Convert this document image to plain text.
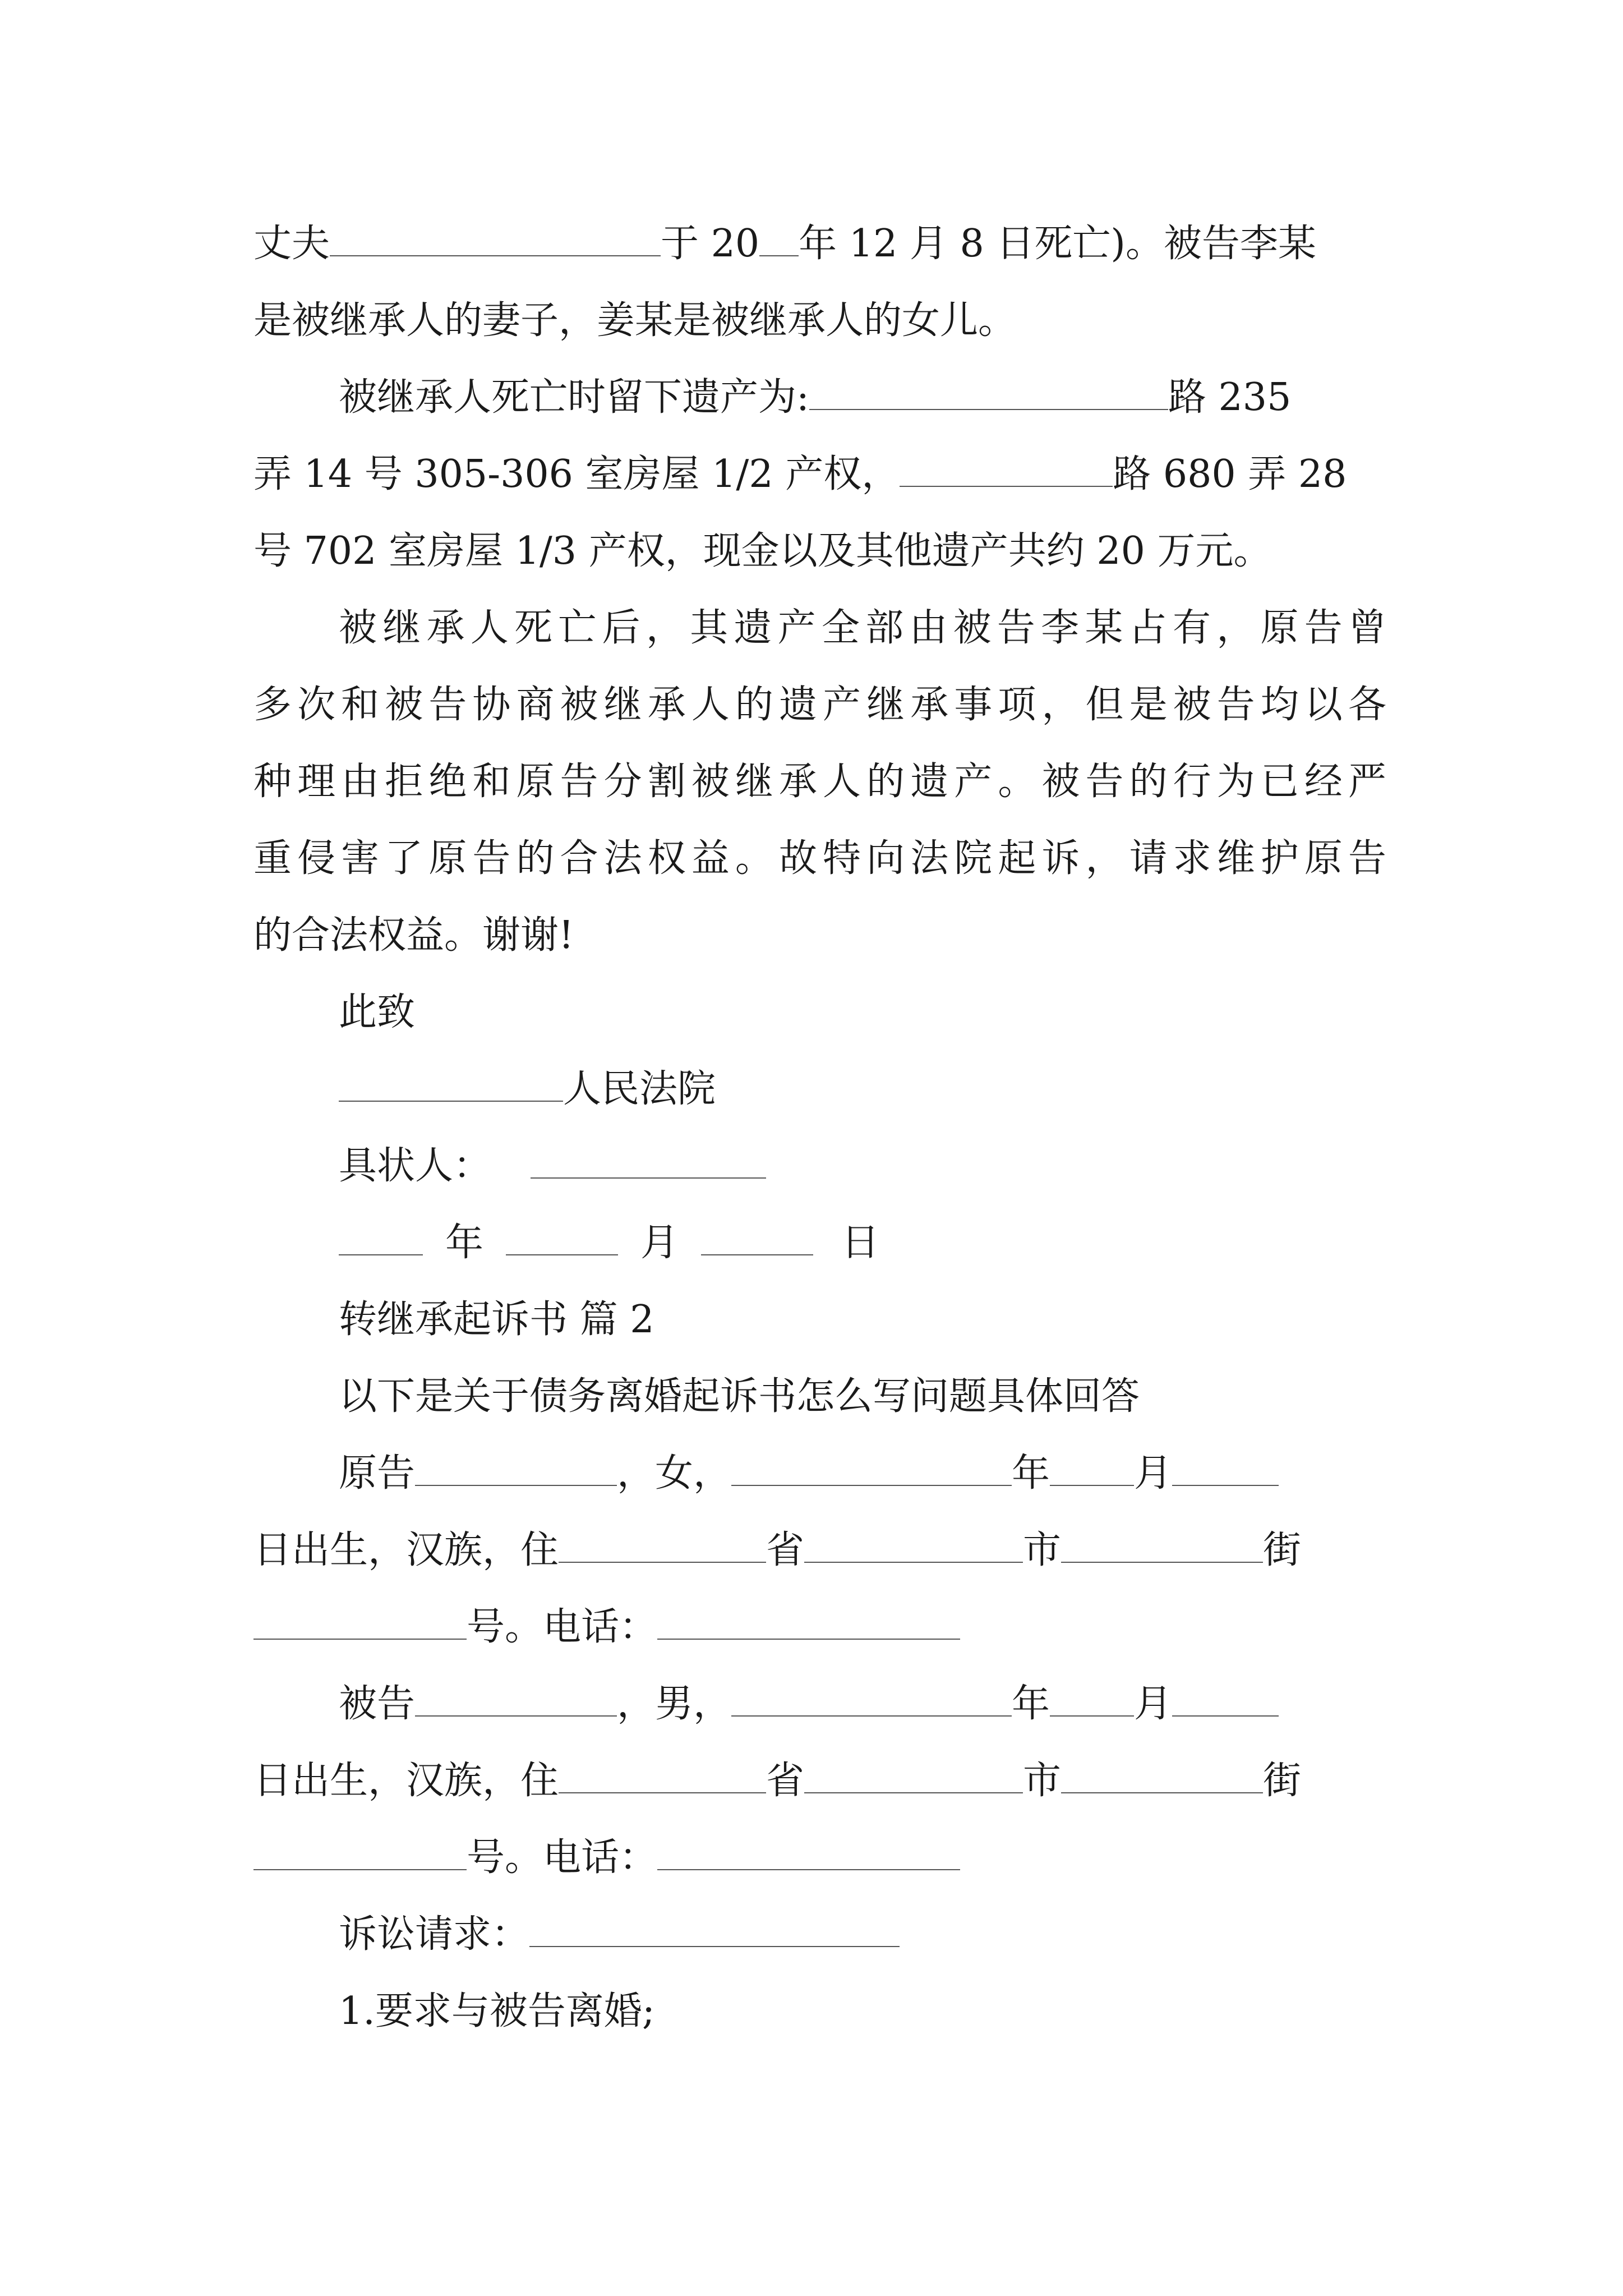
丈夫	于 20 年 12 月 8 日死亡)。被告李某
是被继承人的妻子，姜某是被继承人的女儿。
被继承人死亡时留下遗产为:	路 235
弄 14 号 305-306 室房屋 1/2 产权，	路 680 弄 28
号 702 室房屋 1/3 产权，现金以及其他遗产共约 20 万元。
被继承人死亡后，其遗产全部由被告李某占有，原告曾
多次和被告协商被继承人的遗产继承事项，但是被告均以各
种理由拒绝和原告分割被继承人的遗产。被告的行为已经严
重侵害了原告的合法权益。故特向法院起诉，请求维护原告
的合法权益。谢谢!
此致
人民法院
具状人：
年	月	日
转继承起诉书 篇 2
以下是关于债务离婚起诉书怎么写问题具体回答
原告	，女，	年 月
日出生，汉族，住	省	市	街
号。电话：
被告	，男，	年 月
日出生，汉族，住	省	市	街
号。电话：
诉讼请求：
1.要求与被告离婚;
